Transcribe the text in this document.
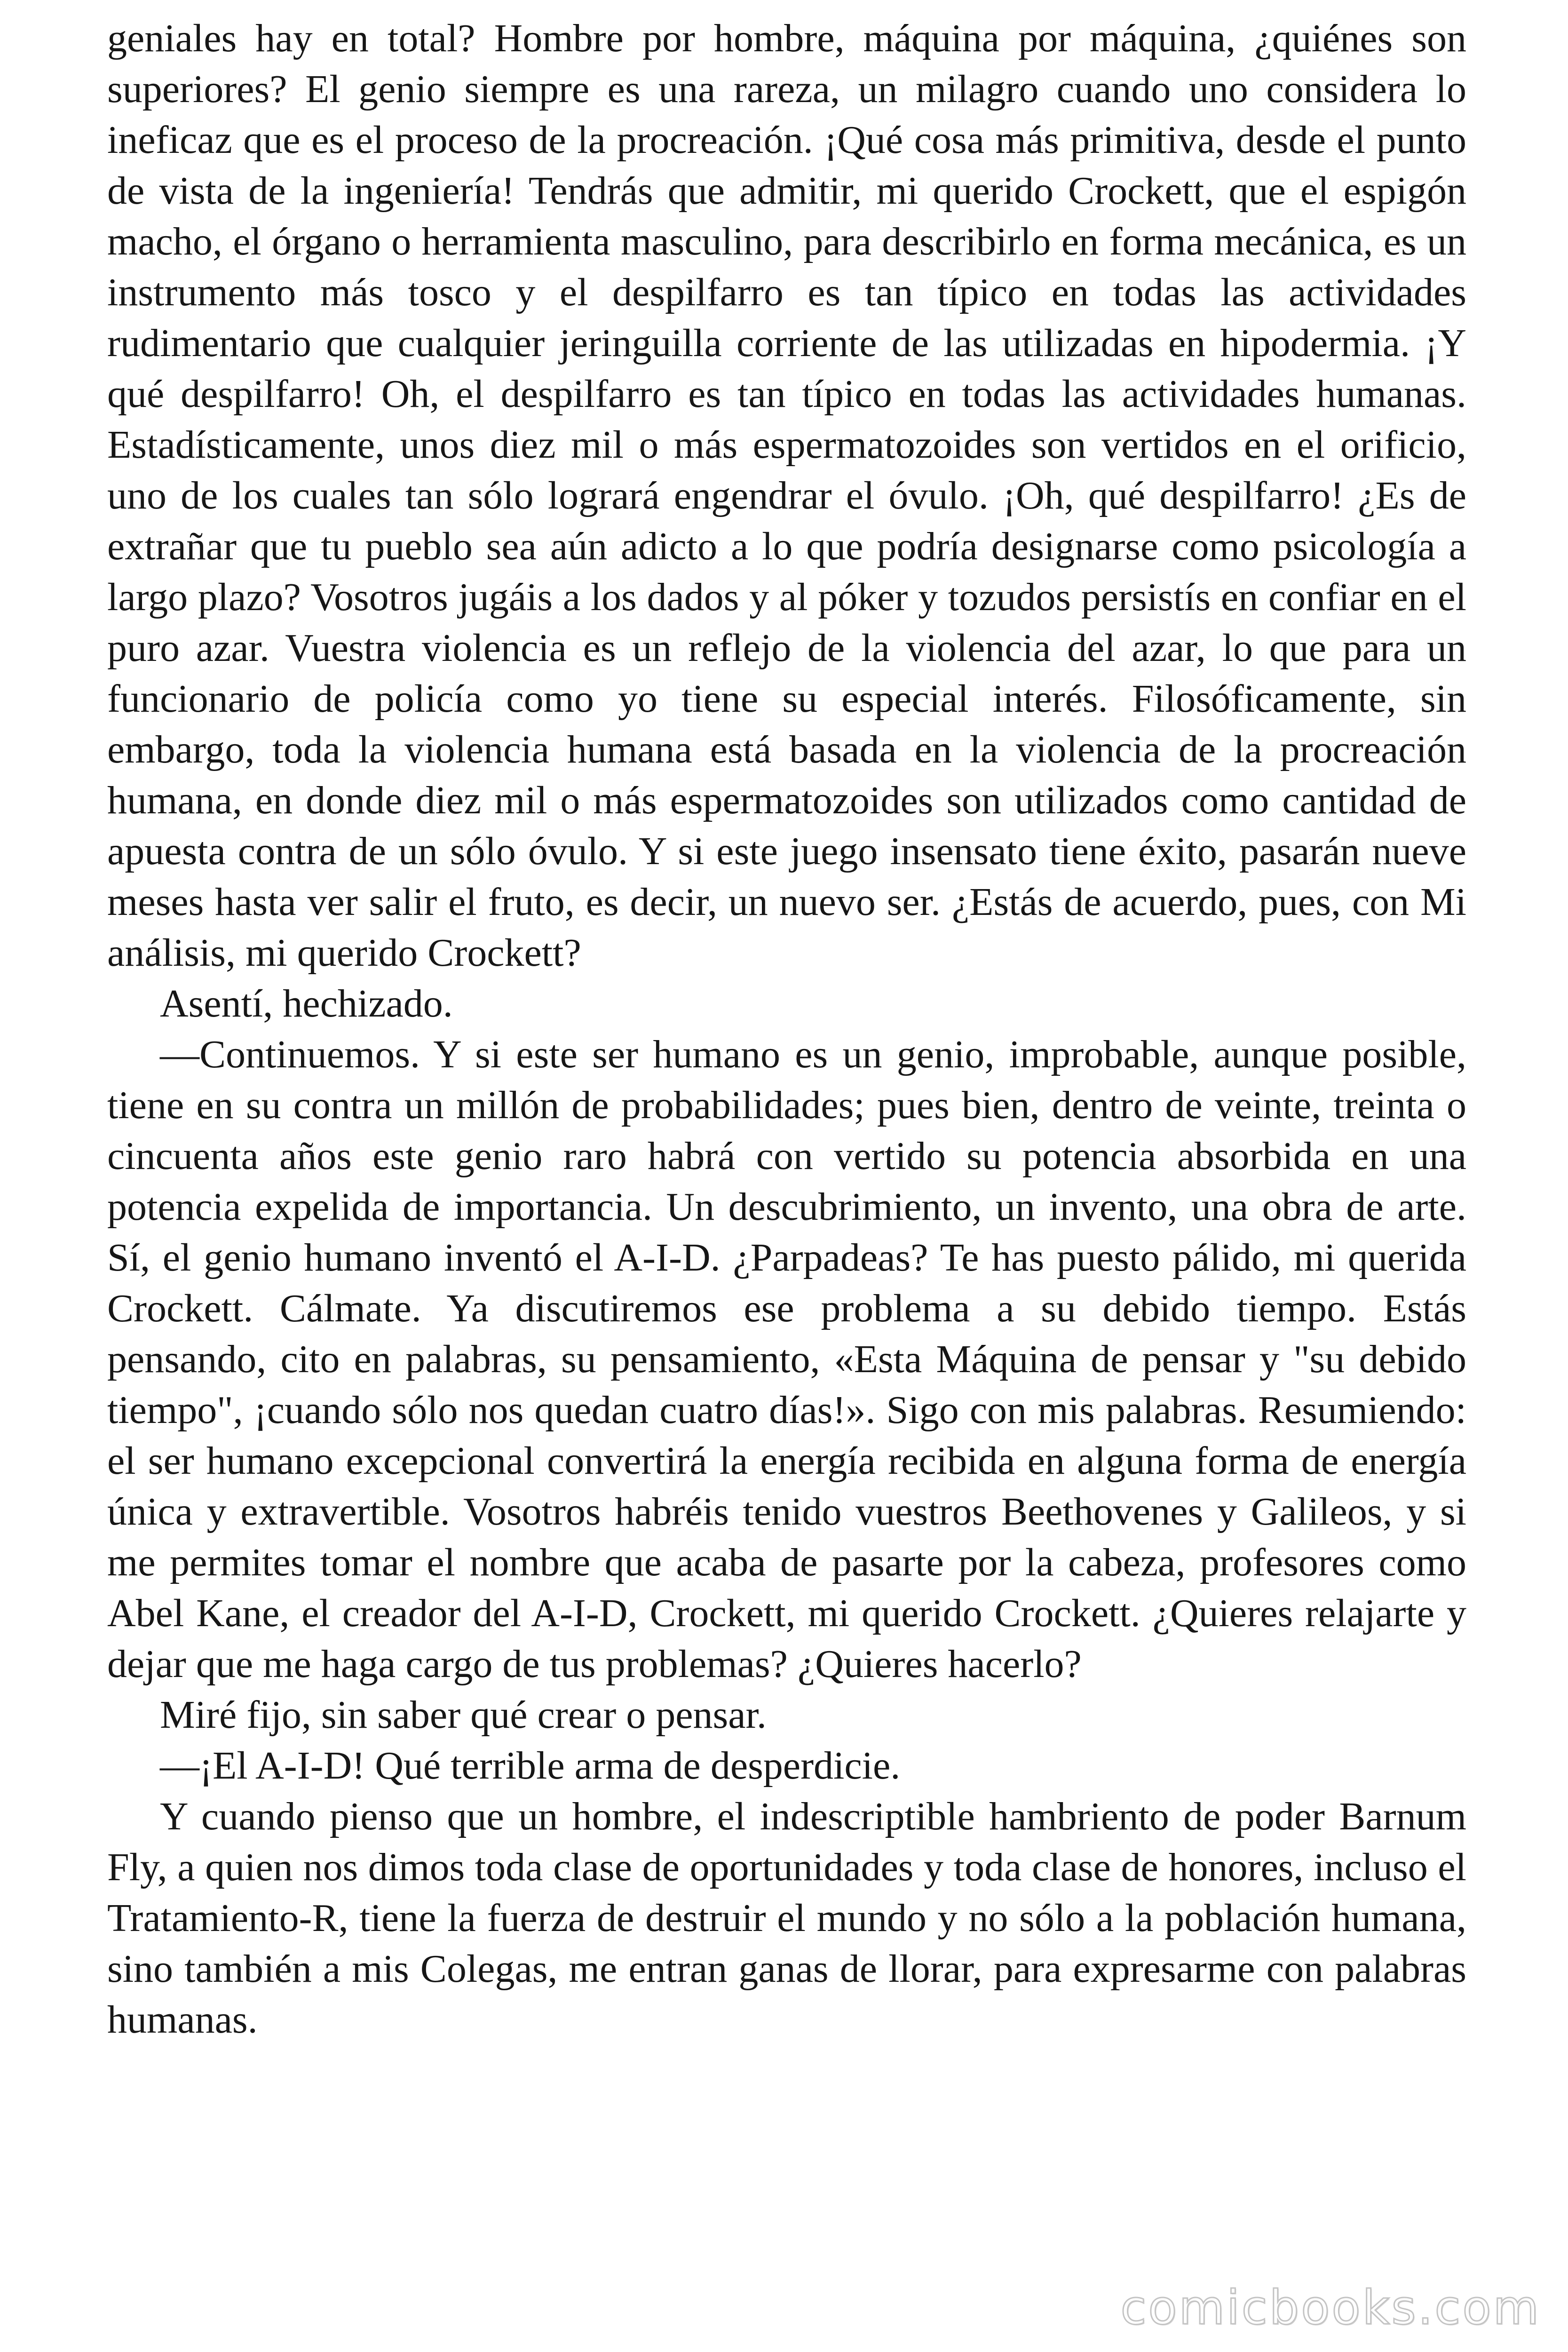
geniales hay en total? Hombre por hombre, máquina por máquina, ¿quiénes son superiores? El genio siempre es una rareza, un milagro cuando uno considera lo ineficaz que es el proceso de la procreación. ¡Qué cosa más primitiva, desde el punto de vista de la ingeniería! Tendrás que admitir, mi querido Crockett, que el espigón macho, el órgano o herramienta masculino, para describirlo en forma mecánica, es un instrumento más tosco y el despilfarro es tan típico en todas las actividades rudimentario que cualquier jeringuilla corriente de las utilizadas en hipodermia. ¡Y qué despilfarro! Oh, el despilfarro es tan típico en todas las actividades humanas. Estadísticamente, unos diez mil o más espermatozoides son vertidos en el orificio, uno de los cuales tan sólo logrará engendrar el óvulo. ¡Oh, qué despilfarro! ¿Es de extrañar que tu pueblo sea aún adicto a lo que podría designarse como psicología a largo plazo? Vosotros jugáis a los dados y al póker y tozudos persistís en confiar en el puro azar. Vuestra violencia es un reflejo de la violencia del azar, lo que para un funcionario de policía como yo tiene su especial interés. Filosóficamente, sin embargo, toda la violencia humana está basada en la violencia de la procreación humana, en donde diez mil o más espermatozoides son utilizados como cantidad de apuesta contra de un sólo óvulo. Y si este juego insensato tiene éxito, pasarán nueve meses hasta ver salir el fruto, es decir, un nuevo ser. ¿Estás de acuerdo, pues, con Mi análisis, mi querido Crockett?

Asentí, hechizado.

—Continuemos. Y si este ser humano es un genio, improbable, aunque posible, tiene en su contra un millón de probabilidades; pues bien, dentro de veinte, treinta o cincuenta años este genio raro habrá con vertido su potencia absorbida en una potencia expelida de importancia. Un descubrimiento, un invento, una obra de arte. Sí, el genio humano inventó el A-I-D. ¿Parpadeas? Te has puesto pálido, mi querida Crockett. Cálmate. Ya discutiremos ese problema a su debido tiempo. Estás pensando, cito en palabras, su pensamiento, «Esta Máquina de pensar y "su debido tiempo", ¡cuando sólo nos quedan cuatro días!». Sigo con mis palabras. Resumiendo: el ser humano excepcional convertirá la energía recibida en alguna forma de energía única y extravertible. Vosotros habréis tenido vuestros Beethovenes y Galileos, y si me permites tomar el nombre que acaba de pasarte por la cabeza, profesores como Abel Kane, el creador del A-I-D, Crockett, mi querido Crockett. ¿Quieres relajarte y dejar que me haga cargo de tus problemas? ¿Quieres hacerlo?

Miré fijo, sin saber qué crear o pensar.

—¡El A-I-D! Qué terrible arma de desperdicie.

Y cuando pienso que un hombre, el indescriptible hambriento de poder Barnum Fly, a quien nos dimos toda clase de oportunidades y toda clase de honores, incluso el Tratamiento-R, tiene la fuerza de destruir el mundo y no sólo a la población humana, sino también a mis Colegas, me entran ganas de llorar, para expresarme con palabras humanas.

comicbooks.com
